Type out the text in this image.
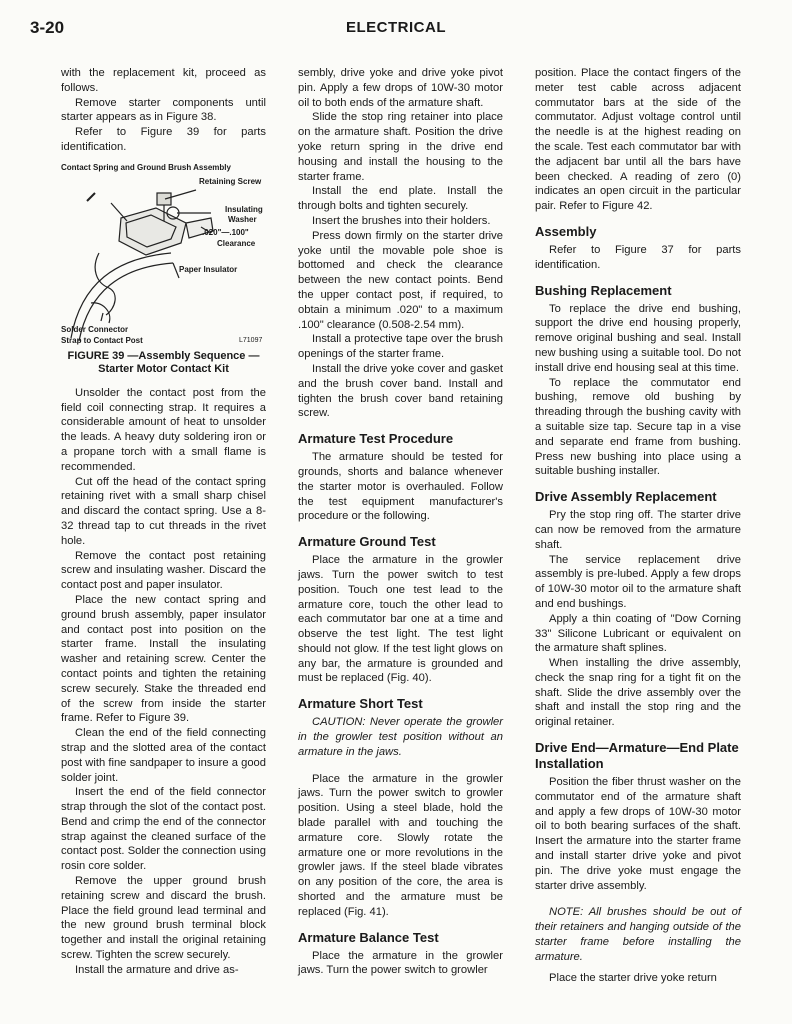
3-20	ELECTRICAL

with the replacement kit, proceed as follows.

Remove starter components until starter appears as in Figure 38.

Refer to Figure 39 for parts identification.

Contact Spring and Ground Brush Assembly
Retaining Screw
Insulating
Washer
.020"—.100"
Clearance
Paper Insulator
Solder Connector
Strap to Contact Post	L71097
FIGURE 39 —Assembly Sequence —
Starter Motor Contact Kit

Unsolder the contact post from the field coil connecting strap. It requires a considerable amount of heat to unsolder the leads. A heavy duty soldering iron or a propane torch with a small flame is recommended.

Cut off the head of the contact spring retaining rivet with a small sharp chisel and discard the contact spring. Use a 8-32 thread tap to cut threads in the rivet hole.

Remove the contact post retaining screw and insulating washer. Discard the contact post and paper insulator.

Place the new contact spring and ground brush assembly, paper insulator and contact post into position on the starter frame. Install the insulating washer and retaining screw. Center the contact points and tighten the retaining screw securely. Stake the threaded end of the screw from inside the starter frame. Refer to Figure 39.

Clean the end of the field connecting strap and the slotted area of the contact post with fine sandpaper to insure a good solder joint.

Insert the end of the field connector strap through the slot of the contact post. Bend and crimp the end of the connector strap against the cleaned surface of the contact post. Solder the connection using rosin core solder.

Remove the upper ground brush retaining screw and discard the brush. Place the field ground lead terminal and the new ground brush terminal block together and install the original retaining screw. Tighten the screw securely.

Install the armature and drive as-

sembly, drive yoke and drive yoke pivot pin. Apply a few drops of 10W-30 motor oil to both ends of the armature shaft.

Slide the stop ring retainer into place on the armature shaft. Position the drive yoke return spring in the drive end housing and install the housing to the starter frame.

Install the end plate. Install the through bolts and tighten securely.

Insert the brushes into their holders.

Press down firmly on the starter drive yoke until the movable pole shoe is bottomed and check the clearance between the new contact points. Bend the upper contact post, if required, to obtain a minimum .020" to a maximum .100" clearance (0.508-2.54 mm).

Install a protective tape over the brush openings of the starter frame.

Install the drive yoke cover and gasket and the brush cover band. Install and tighten the brush cover band retaining screw.

Armature Test Procedure

The armature should be tested for grounds, shorts and balance whenever the starter motor is overhauled. Follow the test equipment manufacturer's procedure or the following.

Armature Ground Test

Place the armature in the growler jaws. Turn the power switch to test position. Touch one test lead to the armature core, touch the other lead to each commutator bar one at a time and observe the test light. The test light should not glow. If the test light glows on any bar, the armature is grounded and must be replaced (Fig. 40).

Armature Short Test

CAUTION: Never operate the growler in the growler test position without an armature in the jaws.

Place the armature in the growler jaws. Turn the power switch to growler position. Using a steel blade, hold the blade parallel with and touching the armature core. Slowly rotate the armature one or more revolutions in the growler jaws. If the steel blade vibrates on any position of the core, the area is shorted and the armature must be replaced (Fig. 41).

Armature Balance Test

Place the armature in the growler jaws. Turn the power switch to growler

position. Place the contact fingers of the meter test cable across adjacent commutator bars at the side of the commutator. Adjust voltage control until the needle is at the highest reading on the scale. Test each commutator bar with the adjacent bar until all the bars have been checked. A reading of zero (0) indicates an open circuit in the particular pair. Refer to Figure 42.

Assembly

Refer to Figure 37 for parts identification.

Bushing Replacement

To replace the drive end bushing, support the drive end housing properly, remove original bushing and seal. Install new bushing using a suitable tool. Do not install drive end housing seal at this time.

To replace the commutator end bushing, remove old bushing by threading through the bushing cavity with a suitable size tap. Secure tap in a vise and separate end frame from bushing. Press new bushing into place using a suitable bushing installer.

Drive Assembly Replacement

Pry the stop ring off. The starter drive can now be removed from the armature shaft.

The service replacement drive assembly is pre-lubed. Apply a few drops of 10W-30 motor oil to the armature shaft and end bushings.

Apply a thin coating of "Dow Corning 33" Silicone Lubricant or equivalent on the armature shaft splines.

When installing the drive assembly, check the snap ring for a tight fit on the shaft. Slide the drive assembly over the shaft and install the stop ring and the original retainer.

Drive End—Armature—End Plate Installation

Position the fiber thrust washer on the commutator end of the armature shaft and apply a few drops of 10W-30 motor oil to both bearing surfaces of the shaft. Insert the armature into the starter frame and install starter drive yoke and pivot pin. The drive yoke must engage the starter drive assembly.

NOTE: All brushes should be out of their retainers and hanging outside of the starter frame before installing the armature.

Place the starter drive yoke return
